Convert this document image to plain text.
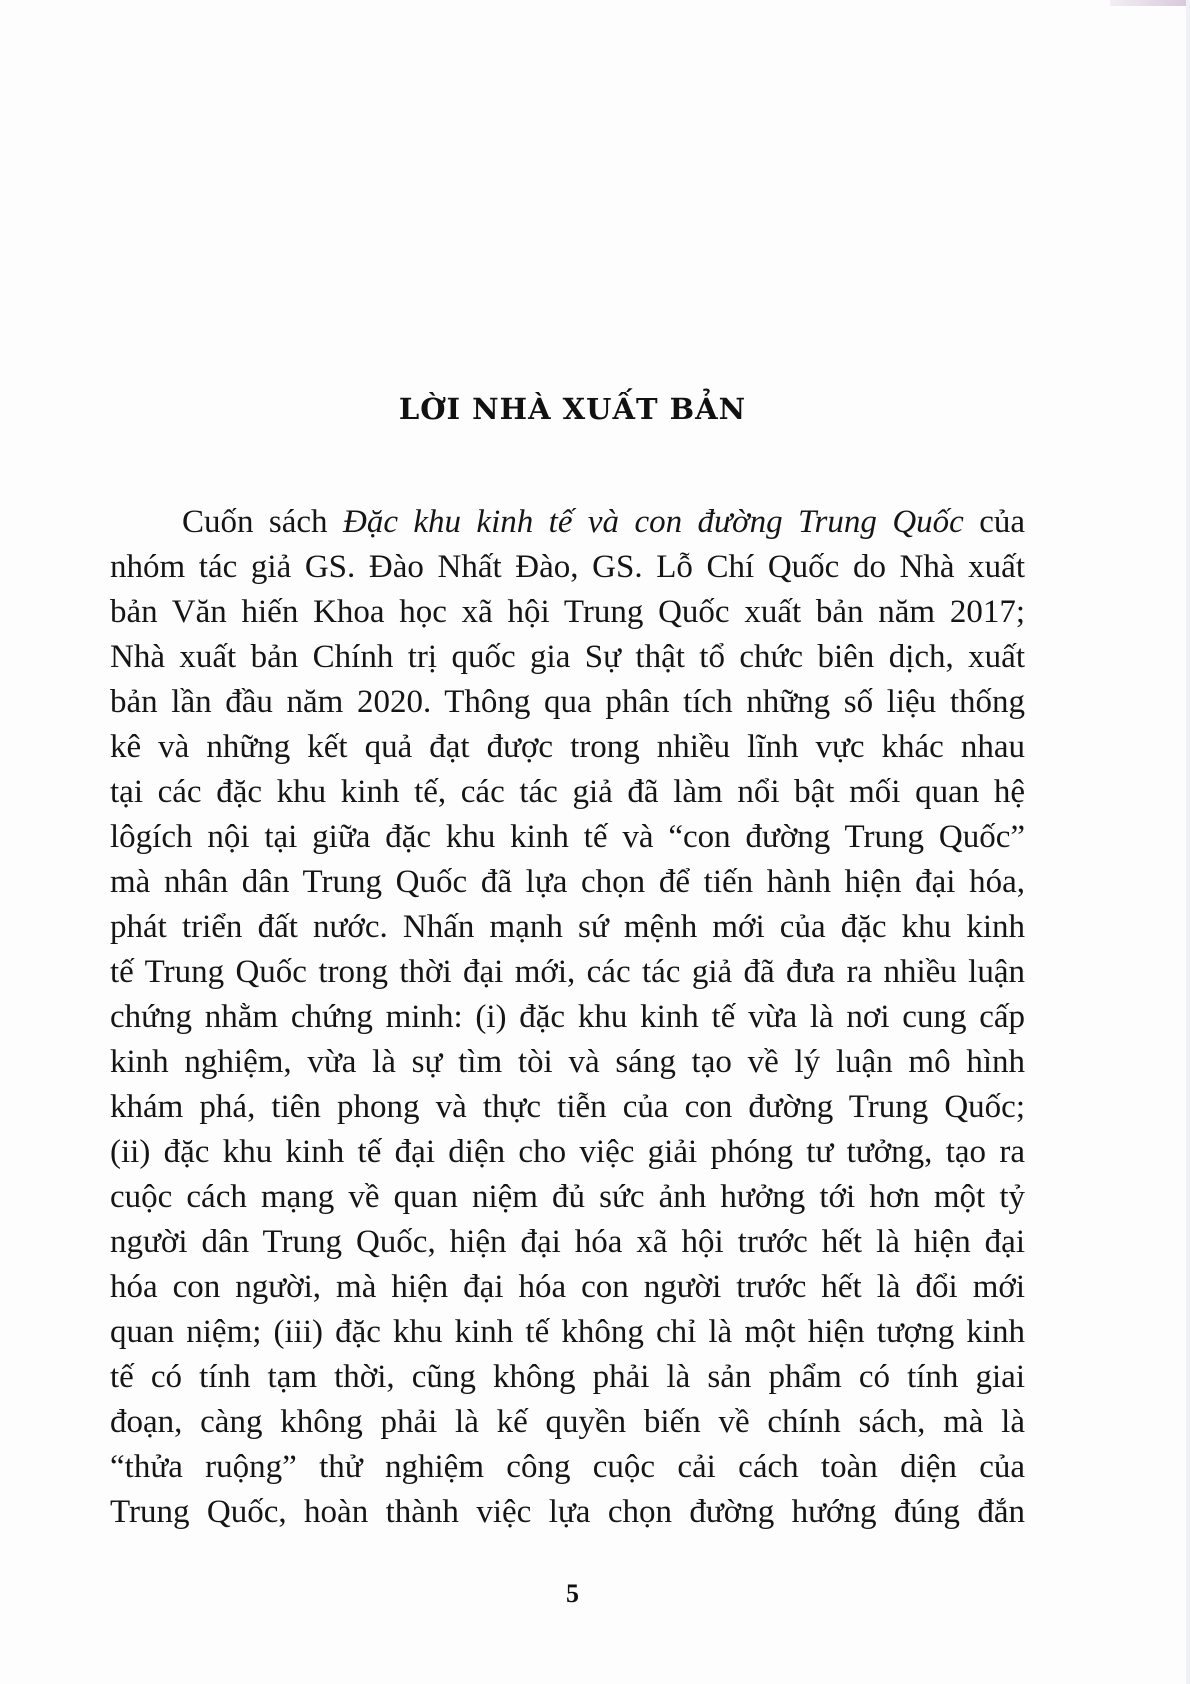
LỜI NHÀ XUẤT BẢN
Cuốn sách Đặc khu kinh tế và con đường Trung Quốc của
nhóm tác giả GS. Đào Nhất Đào, GS. Lỗ Chí Quốc do Nhà xuất
bản Văn hiến Khoa học xã hội Trung Quốc xuất bản năm 2017;
Nhà xuất bản Chính trị quốc gia Sự thật tổ chức biên dịch, xuất
bản lần đầu năm 2020. Thông qua phân tích những số liệu thống
kê và những kết quả đạt được trong nhiều lĩnh vực khác nhau
tại các đặc khu kinh tế, các tác giả đã làm nổi bật mối quan hệ
lôgích nội tại giữa đặc khu kinh tế và “con đường Trung Quốc”
mà nhân dân Trung Quốc đã lựa chọn để tiến hành hiện đại hóa,
phát triển đất nước. Nhấn mạnh sứ mệnh mới của đặc khu kinh
tế Trung Quốc trong thời đại mới, các tác giả đã đưa ra nhiều luận
chứng nhằm chứng minh: (i) đặc khu kinh tế vừa là nơi cung cấp
kinh nghiệm, vừa là sự tìm tòi và sáng tạo về lý luận mô hình
khám phá, tiên phong và thực tiễn của con đường Trung Quốc;
(ii) đặc khu kinh tế đại diện cho việc giải phóng tư tưởng, tạo ra
cuộc cách mạng về quan niệm đủ sức ảnh hưởng tới hơn một tỷ
người dân Trung Quốc, hiện đại hóa xã hội trước hết là hiện đại
hóa con người, mà hiện đại hóa con người trước hết là đổi mới
quan niệm; (iii) đặc khu kinh tế không chỉ là một hiện tượng kinh
tế có tính tạm thời, cũng không phải là sản phẩm có tính giai
đoạn, càng không phải là kế quyền biến về chính sách, mà là
“thửa ruộng” thử nghiệm công cuộc cải cách toàn diện của
Trung Quốc, hoàn thành việc lựa chọn đường hướng đúng đắn
5
